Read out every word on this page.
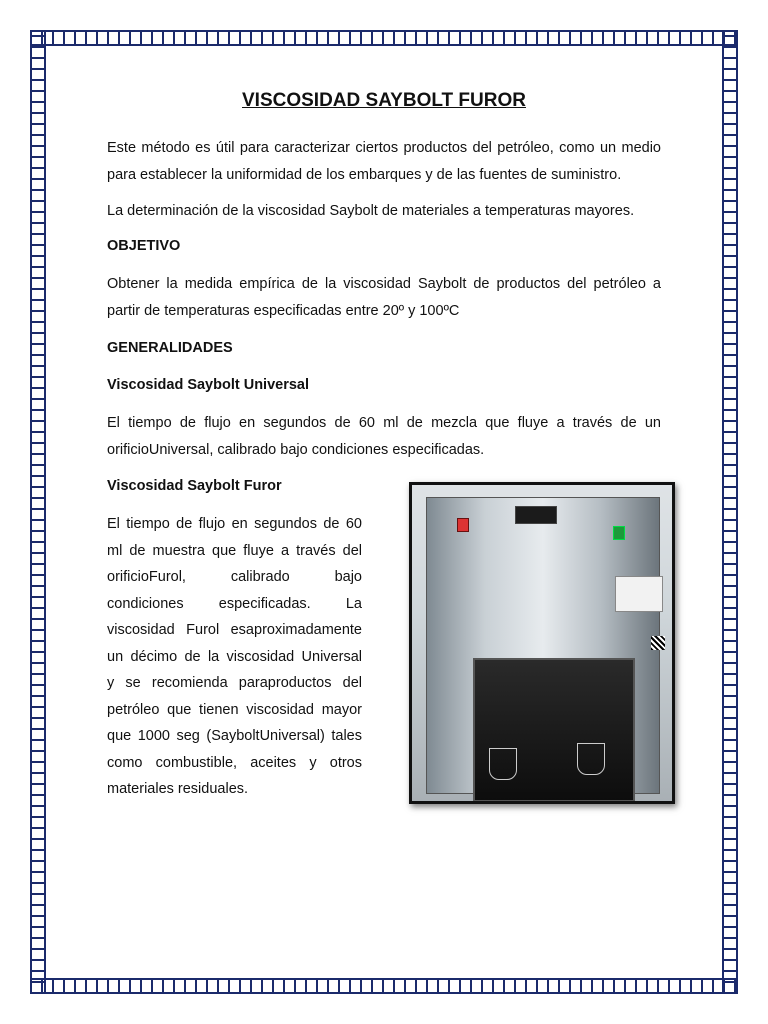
VISCOSIDAD SAYBOLT FUROR
Este método es útil para caracterizar ciertos productos del petróleo, como un medio
para establecer la uniformidad de los embarques y de las fuentes de suministro.
La determinación de la viscosidad Saybolt de materiales a temperaturas mayores.
OBJETIVO
Obtener la medida empírica de la viscosidad Saybolt de productos del petróleo a
partir de temperaturas especificadas entre 20º y 100ºC
GENERALIDADES
Viscosidad Saybolt Universal
El tiempo de flujo en segundos de 60 ml de mezcla que fluye a través de un
orificioUniversal, calibrado bajo condiciones especificadas.
Viscosidad Saybolt Furor
El tiempo de flujo en segundos de 60
ml de muestra que fluye a través del
orificioFurol, calibrado bajo
condiciones especificadas. La
viscosidad Furol esaproximadamente
un décimo de la viscosidad Universal
y se recomienda paraproductos del
petróleo que tienen viscosidad mayor
que 1000 seg (SayboltUniversal) tales
como combustible, aceites y otros
materiales residuales.
